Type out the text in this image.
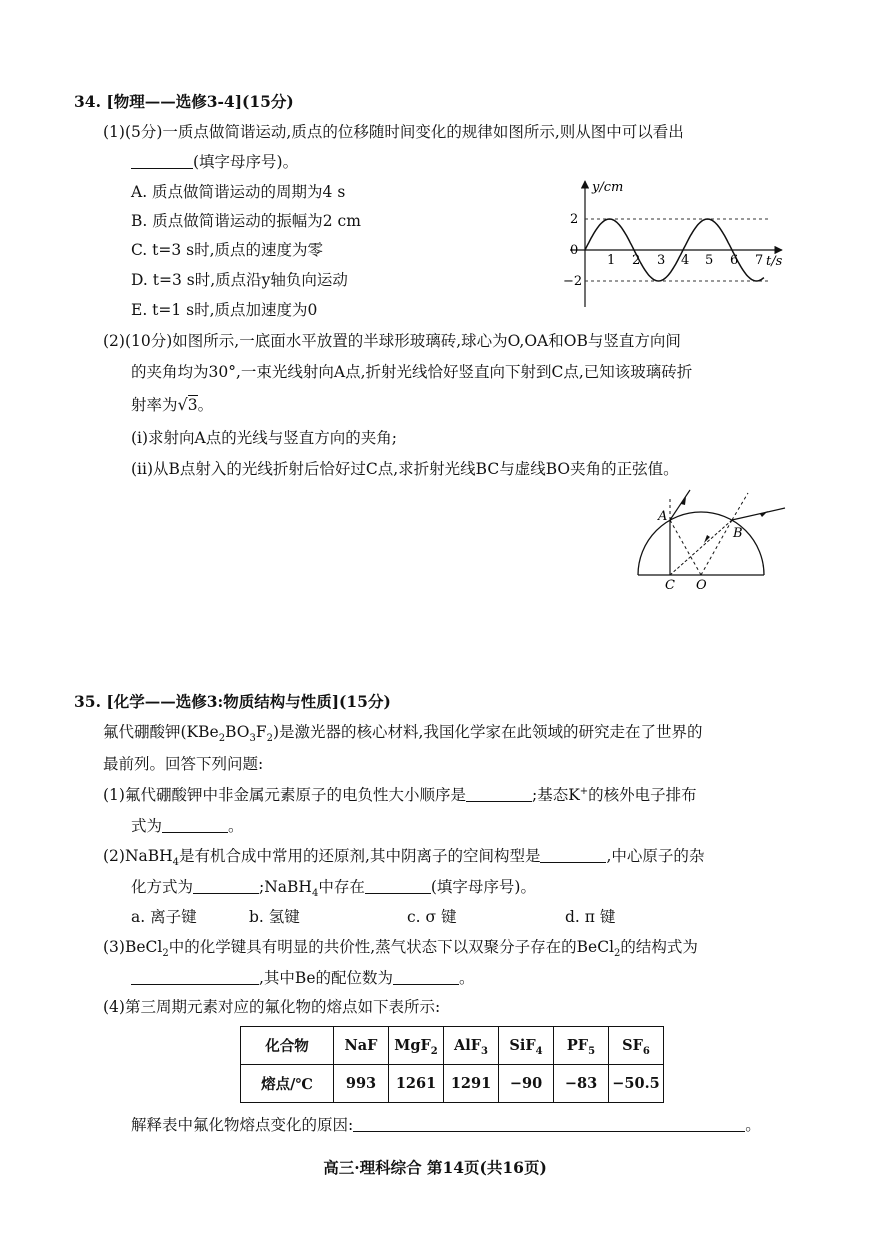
34. [物理——选修3-4](15分)
(1)(5分)一质点做简谐运动,质点的位移随时间变化的规律如图所示,则从图中可以看出
(填字母序号)。
A. 质点做简谐运动的周期为4 s
B. 质点做简谐运动的振幅为2 cm
C. t=3 s时,质点的速度为零
D. t=3 s时,质点沿y轴负向运动
E. t=1 s时,质点加速度为0
y/cm
t/s
2
0
−2
1 2 3 4 5 6 7
(2)(10分)如图所示,一底面水平放置的半球形玻璃砖,球心为O,OA和OB与竖直方向间
的夹角均为30°,一束光线射向A点,折射光线恰好竖直向下射到C点,已知该玻璃砖折
射率为√3。
(i)求射向A点的光线与竖直方向的夹角;
(ii)从B点射入的光线折射后恰好过C点,求折射光线BC与虚线BO夹角的正弦值。
A
B
C O
35. [化学——选修3:物质结构与性质](15分)
氟代硼酸钾$(KBe_2BO_3F_2)$是激光器的核心材料,我国化学家在此领域的研究走在了世界的
最前列。回答下列问题:
(1)氟代硼酸钾中非金属元素原子的电负性大小顺序是	;基态K+的核外电子排布
式为	。
(2)NaBH$_4$是有机合成中常用的还原剂,其中阴离子的空间构型是	,中心原子的杂
化方式为	;NaBH$_4$中存在	(填字母序号)。
a. 离子键	b. 氢键	c. σ 键	d. π 键
(3)BeCl$_2$中的化学键具有明显的共价性,蒸气状态下以双聚分子存在的BeCl$_2$的结构式为
,其中Be的配位数为	。
(4)第三周期元素对应的氟化物的熔点如下表所示:
化合物	NaF	MgF$_2$	AlF$_3$	SiF$_4$	$PF_5$	$SF_6$
熔点/℃	993	1261	1291	−90	−83	−50.5
解释表中氟化物熔点变化的原因:	。
高三·理科综合 第14页(共16页)
